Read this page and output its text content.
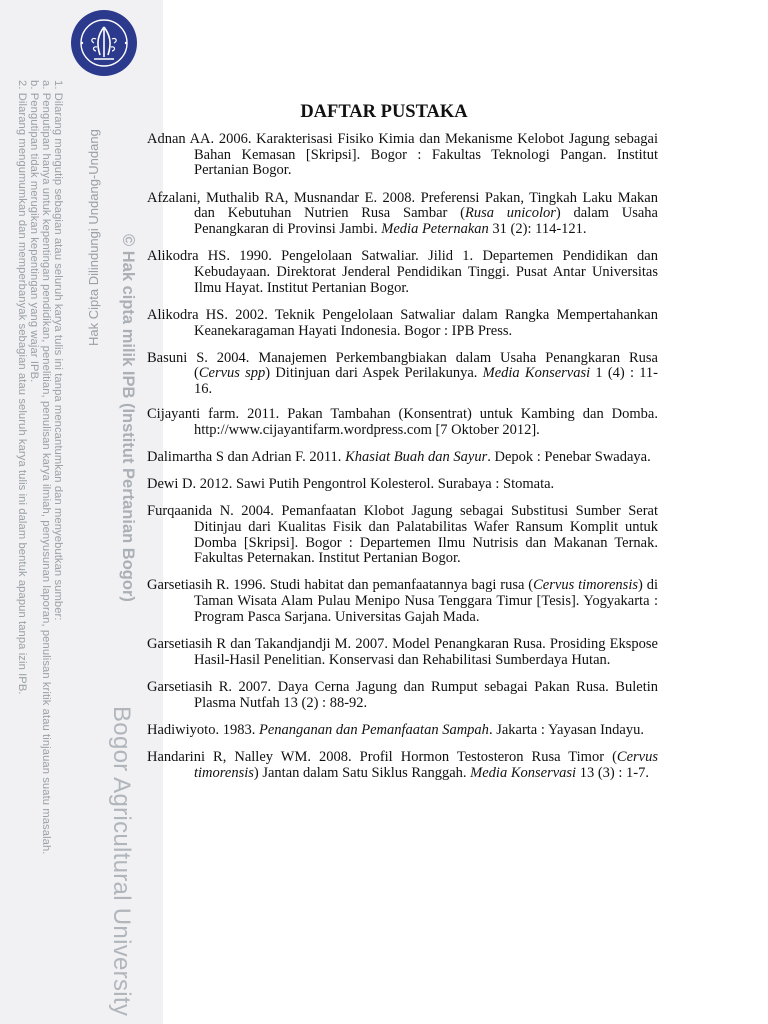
Hak Cipta Dilindungi Undang-Undang
1. Dilarang mengutip sebagian atau seluruh karya tulis ini tanpa mencantumkan dan menyebutkan sumber:
a. Pengutipan hanya untuk kepentingan pendidikan, penelitian, penulisan karya ilmiah, penyusunan laporan, penulisan kritik atau tinjauan suatu masalah.
b. Pengutipan tidak merugikan kepentingan yang wajar IPB.
2. Dilarang mengumumkan dan memperbanyak sebagian atau seluruh karya tulis ini dalam bentuk apapun tanpa izin IPB.	© Hak cipta milik IPB (Institut Pertanian Bogor)
Bogor Agricultural University
DAFTAR PUSTAKA
Adnan AA. 2006. Karakterisasi Fisiko Kimia dan Mekanisme Kelobot Jagung sebagai Bahan Kemasan [Skripsi]. Bogor : Fakultas Teknologi Pangan. Institut Pertanian Bogor.
Afzalani, Muthalib RA, Musnandar E. 2008. Preferensi Pakan, Tingkah Laku Makan dan Kebutuhan Nutrien Rusa Sambar (Rusa unicolor) dalam Usaha Penangkaran di Provinsi Jambi. Media Peternakan 31 (2): 114-121.
Alikodra HS. 1990. Pengelolaan Satwaliar. Jilid 1. Departemen Pendidikan dan Kebudayaan. Direktorat Jenderal Pendidikan Tinggi. Pusat Antar Universitas Ilmu Hayat. Institut Pertanian Bogor.
Alikodra HS. 2002. Teknik Pengelolaan Satwaliar dalam Rangka Mempertahankan Keanekaragaman Hayati Indonesia. Bogor : IPB Press.
Basuni S. 2004. Manajemen Perkembangbiakan dalam Usaha Penangkaran Rusa (Cervus spp) Ditinjuan dari Aspek Perilakunya. Media Konservasi 1 (4) : 11-16.
Cijayanti farm. 2011. Pakan Tambahan (Konsentrat) untuk Kambing dan Domba. http://www.cijayantifarm.wordpress.com [7 Oktober 2012].
Dalimartha S dan Adrian F. 2011. Khasiat Buah dan Sayur. Depok : Penebar Swadaya.
Dewi D. 2012. Sawi Putih Pengontrol Kolesterol. Surabaya : Stomata.
Furqaanida N. 2004. Pemanfaatan Klobot Jagung sebagai Substitusi Sumber Serat Ditinjau dari Kualitas Fisik dan Palatabilitas Wafer Ransum Komplit untuk Domba [Skripsi]. Bogor : Departemen Ilmu Nutrisis dan Makanan Ternak. Fakultas Peternakan. Institut Pertanian Bogor.
Garsetiasih R. 1996. Studi habitat dan pemanfaatannya bagi rusa (Cervus timorensis) di Taman Wisata Alam Pulau Menipo Nusa Tenggara Timur [Tesis]. Yogyakarta : Program Pasca Sarjana. Universitas Gajah Mada.
Garsetiasih R dan Takandjandji M. 2007. Model Penangkaran Rusa. Prosiding Ekspose Hasil-Hasil Penelitian. Konservasi dan Rehabilitasi Sumberdaya Hutan.
Garsetiasih R. 2007. Daya Cerna Jagung dan Rumput sebagai Pakan Rusa. Buletin Plasma Nutfah 13 (2) : 88-92.
Hadiwiyoto. 1983. Penanganan dan Pemanfaatan Sampah. Jakarta : Yayasan Indayu.
Handarini R, Nalley WM. 2008. Profil Hormon Testosteron Rusa Timor (Cervus timorensis) Jantan dalam Satu Siklus Ranggah. Media Konservasi 13 (3) : 1-7.
